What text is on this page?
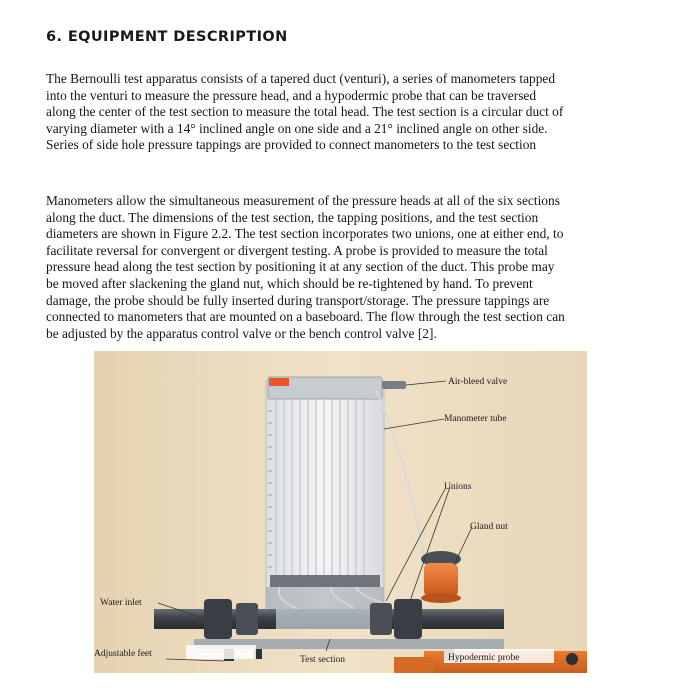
6. EQUIPMENT DESCRIPTION

The Bernoulli test apparatus consists of a tapered duct (venturi), a series of manometers tapped
into the venturi to measure the pressure head, and a hypodermic probe that can be traversed
along the center of the test section to measure the total head. The test section is a circular duct of
varying diameter with a 14° inclined angle on one side and a 21° inclined angle on other side.
Series of side hole pressure tappings are provided to connect manometers to the test section

Manometers allow the simultaneous measurement of the pressure heads at all of the six sections
along the duct. The dimensions of the test section, the tapping positions, and the test section
diameters are shown in Figure 2.2. The test section incorporates two unions, one at either end, to
facilitate reversal for convergent or divergent testing. A probe is provided to measure the total
pressure head along the test section by positioning it at any section of the duct. This probe may
be moved after slackening the gland nut, which should be re-tightened by hand. To prevent
damage, the probe should be fully inserted during transport/storage. The pressure tappings are
connected to manometers that are mounted on a baseboard. The flow through the test section can
be adjusted by the apparatus control valve or the bench control valve [2].

Air-bleed valve
Manometer tube
Unions
Gland nut
Water inlet
Adjustable feet
Test section	Hypodermic probe
